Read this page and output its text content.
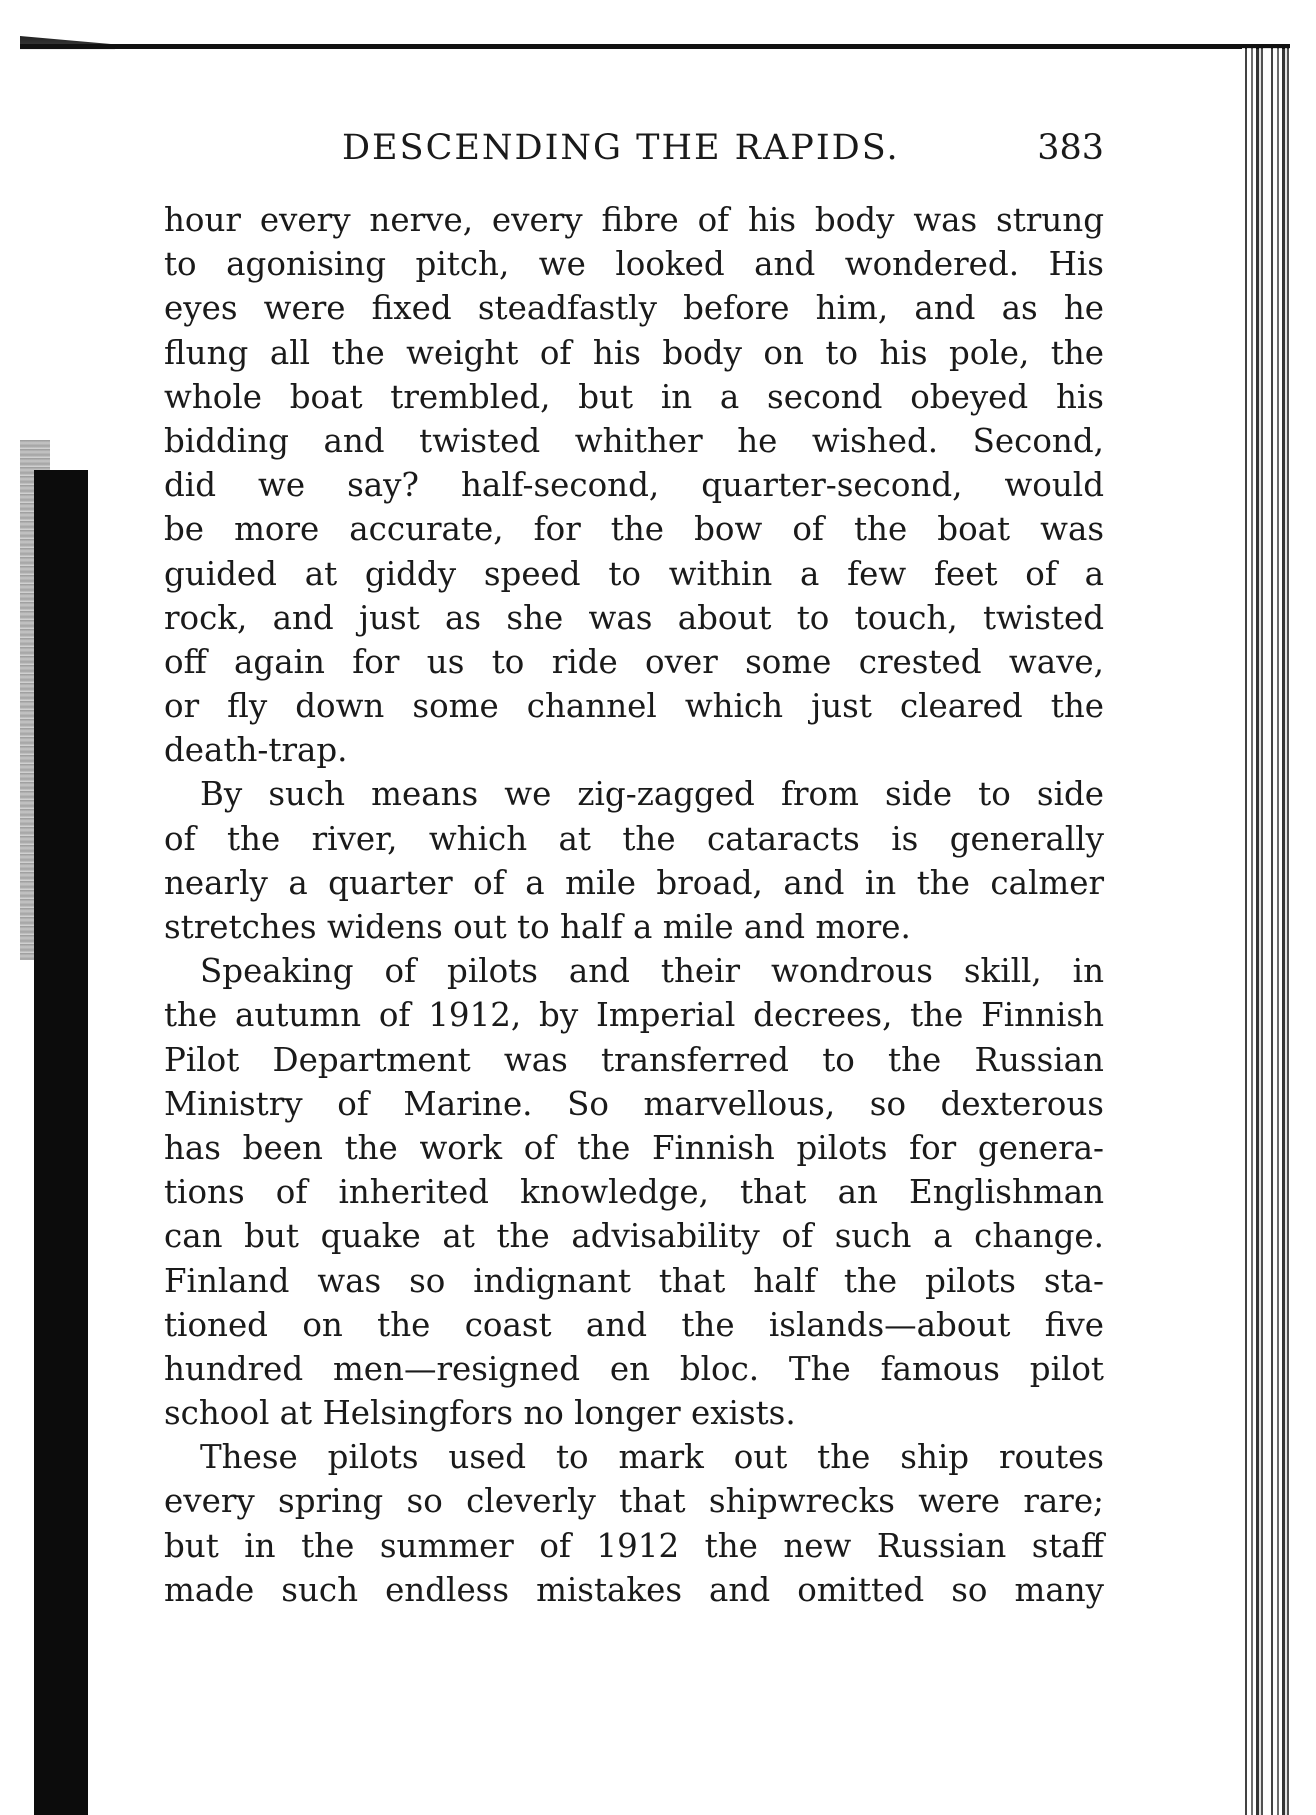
DESCENDING THE RAPIDS.	383
hour every nerve, every fibre of his body was strung
to agonising pitch, we looked and wondered. His
eyes were fixed steadfastly before him, and as he
flung all the weight of his body on to his pole, the
whole boat trembled, but in a second obeyed his
bidding and twisted whither he wished. Second,
did we say? half-second, quarter-second, would
be more accurate, for the bow of the boat was
guided at giddy speed to within a few feet of a
rock, and just as she was about to touch, twisted
off again for us to ride over some crested wave,
or fly down some channel which just cleared the
death-trap.
By such means we zig-zagged from side to side
of the river, which at the cataracts is generally
nearly a quarter of a mile broad, and in the calmer
stretches widens out to half a mile and more.
Speaking of pilots and their wondrous skill, in
the autumn of 1912, by Imperial decrees, the Finnish
Pilot Department was transferred to the Russian
Ministry of Marine. So marvellous, so dexterous
has been the work of the Finnish pilots for genera-
tions of inherited knowledge, that an Englishman
can but quake at the advisability of such a change.
Finland was so indignant that half the pilots sta-
tioned on the coast and the islands—about five
hundred men—resigned en bloc. The famous pilot
school at Helsingfors no longer exists.
These pilots used to mark out the ship routes
every spring so cleverly that shipwrecks were rare;
but in the summer of 1912 the new Russian staff
made such endless mistakes and omitted so many
